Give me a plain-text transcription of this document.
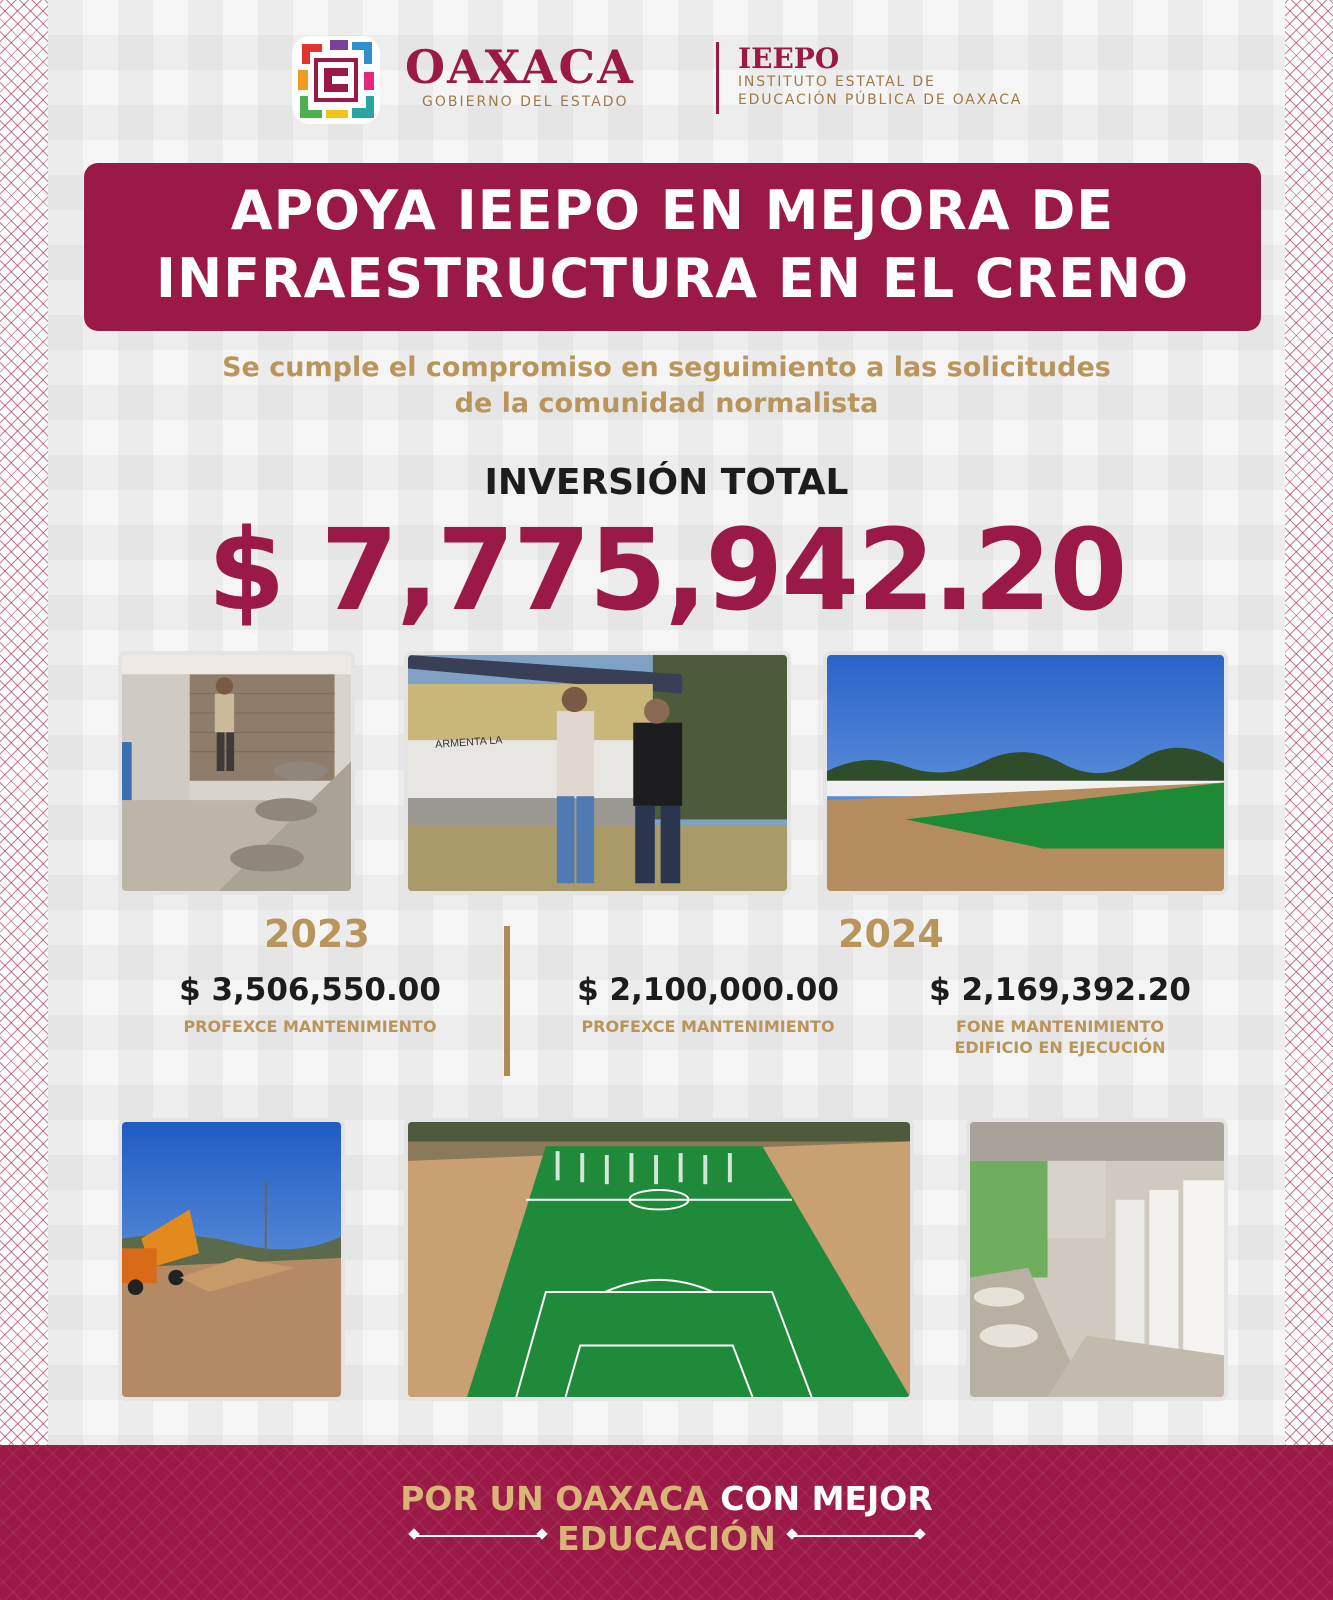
OAXACA
GOBIERNO DEL ESTADO
IEEPO
INSTITUTO ESTATAL DE
EDUCACIÓN PÚBLICA DE OAXACA
APOYA IEEPO EN MEJORA DE
INFRAESTRUCTURA EN EL CRENO
Se cumple el compromiso en seguimiento a las solicitudes
de la comunidad normalista
INVERSIÓN TOTAL
$ 7,775,942.20
ARMENTA LA
2023	2024
$ 3,506,550.00
PROFEXCE MANTENIMIENTO
$ 2,100,000.00
PROFEXCE MANTENIMIENTO
$ 2,169,392.20
FONE MANTENIMIENTO
EDIFICIO EN EJECUCIÓN
POR UN OAXACA CON MEJOR
EDUCACIÓN
